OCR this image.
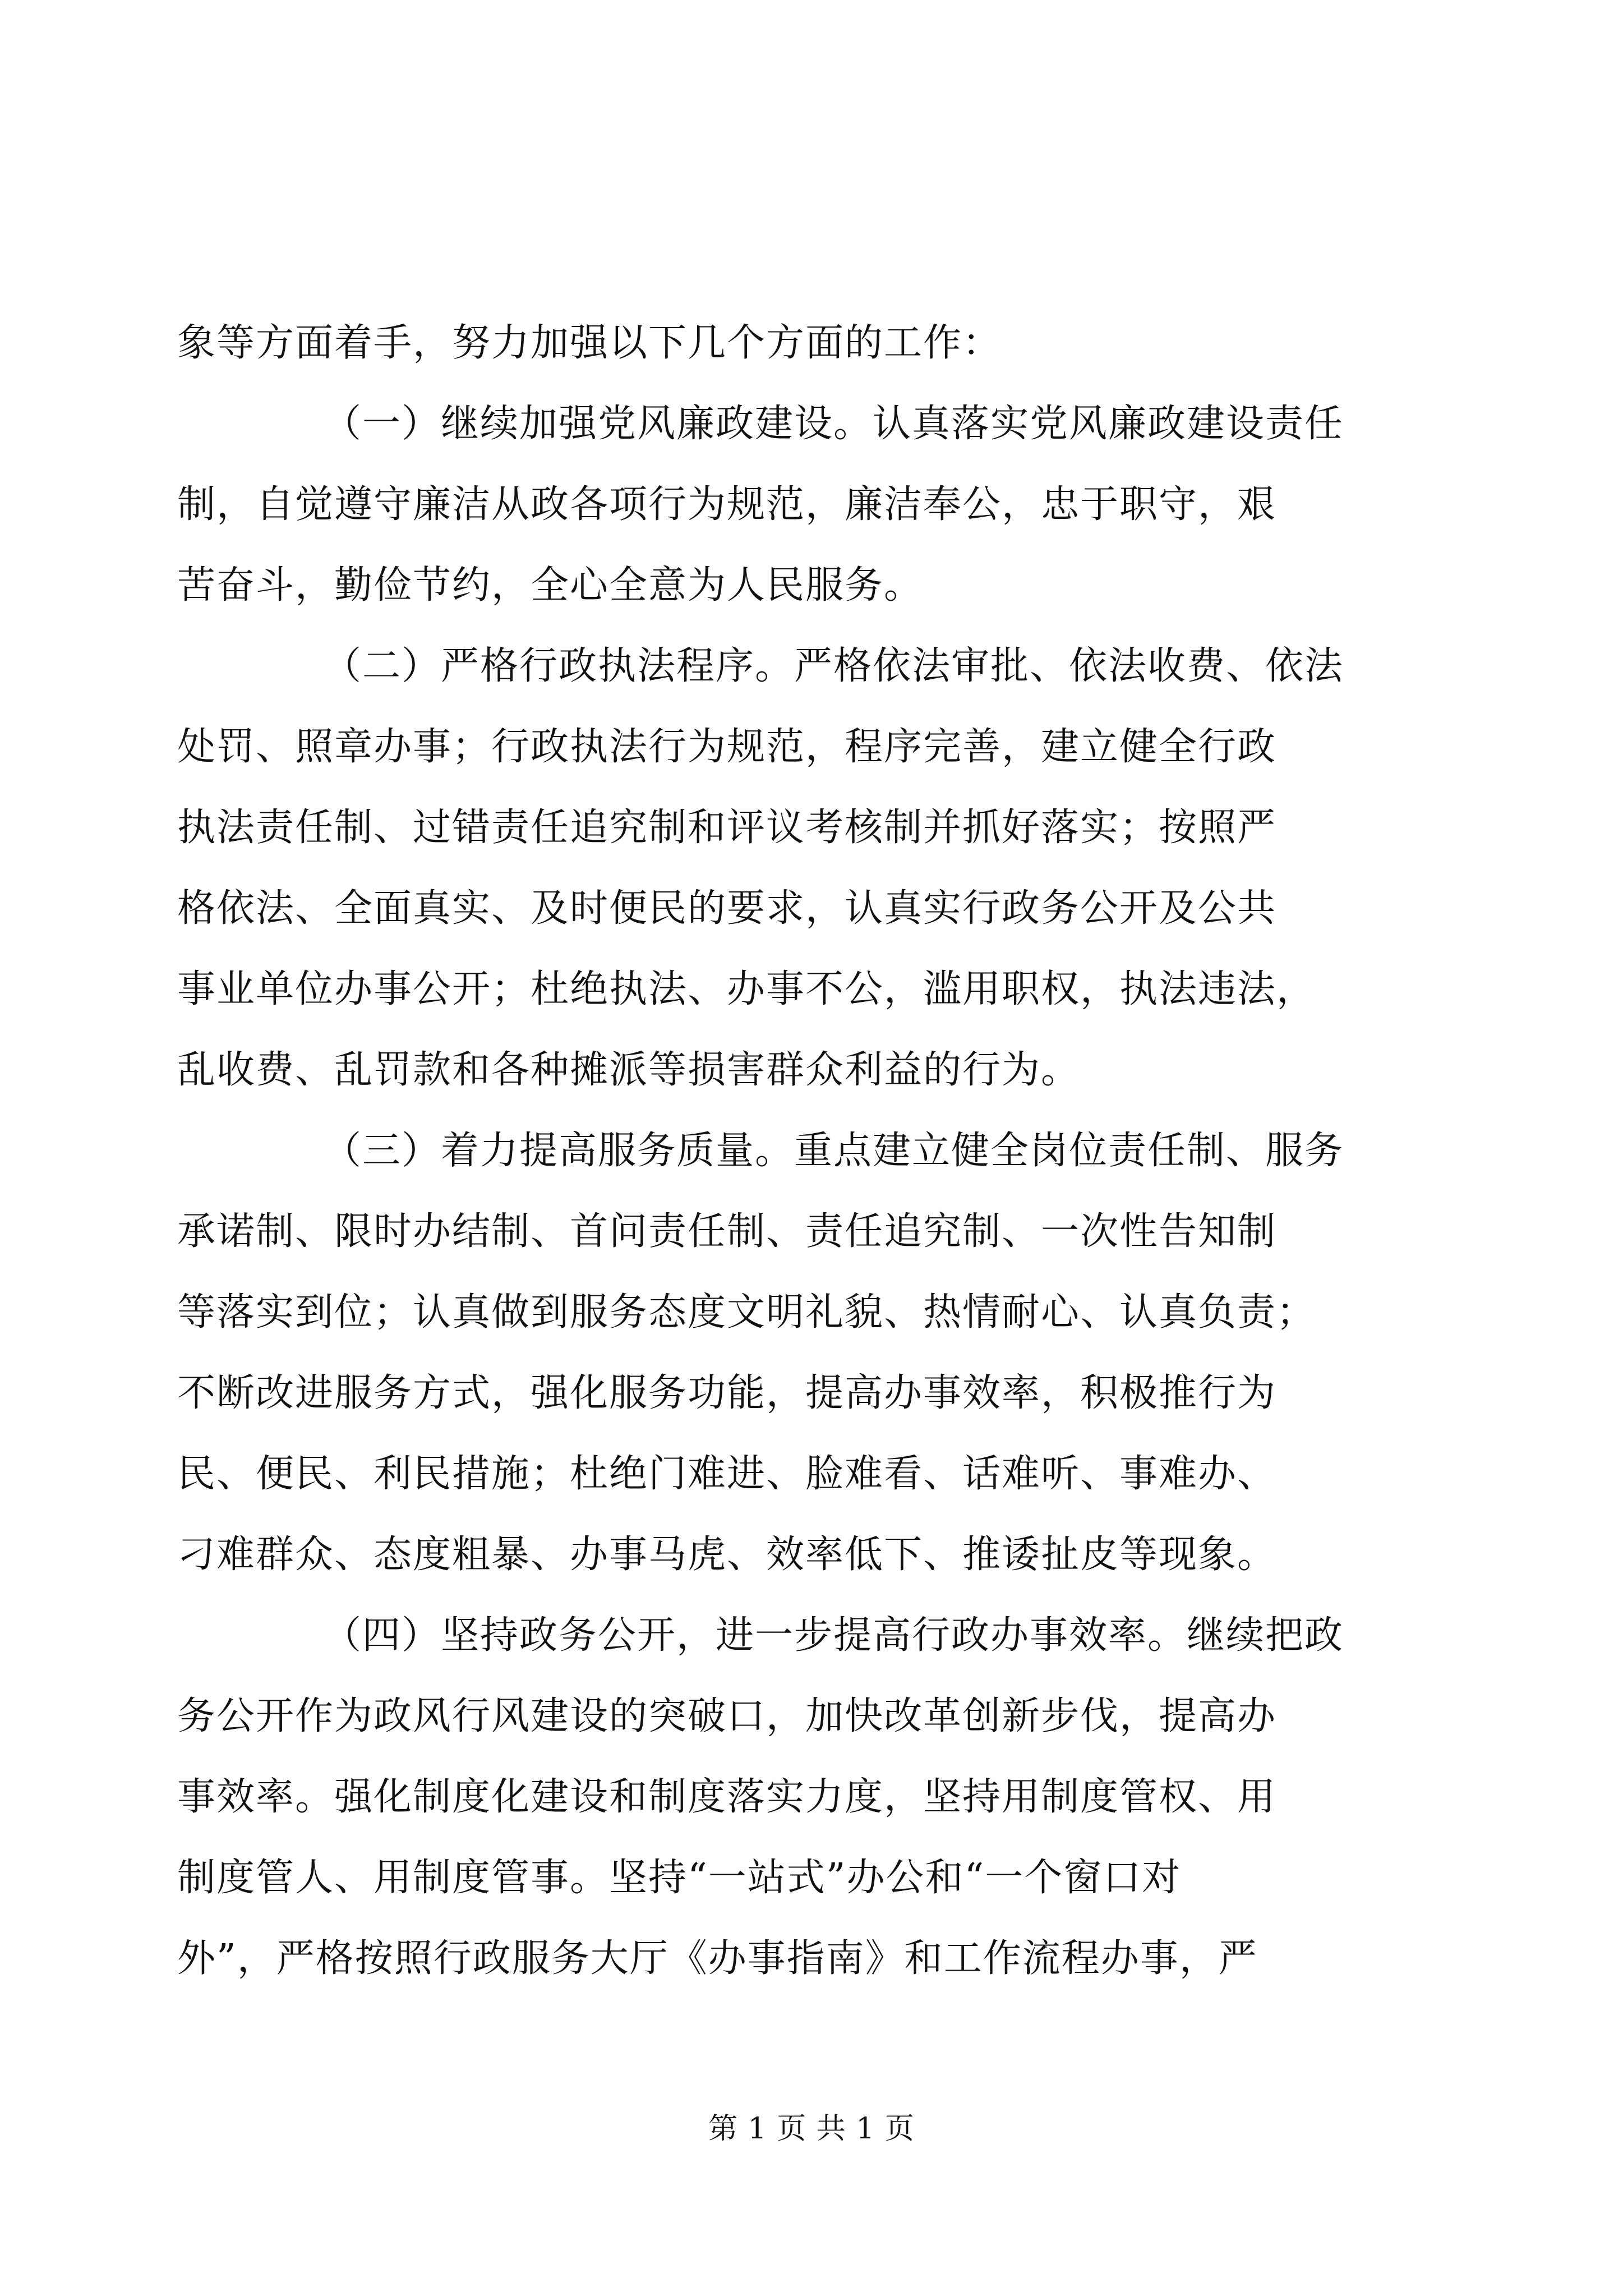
象等方面着手，努力加强以下几个方面的工作：
（一）继续加强党风廉政建设。认真落实党风廉政建设责任
制，自觉遵守廉洁从政各项行为规范，廉洁奉公，忠于职守，艰
苦奋斗，勤俭节约，全心全意为人民服务。
（二）严格行政执法程序。严格依法审批、依法收费、依法
处罚、照章办事；行政执法行为规范，程序完善，建立健全行政
执法责任制、过错责任追究制和评议考核制并抓好落实；按照严
格依法、全面真实、及时便民的要求，认真实行政务公开及公共
事业单位办事公开；杜绝执法、办事不公，滥用职权，执法违法，
乱收费、乱罚款和各种摊派等损害群众利益的行为。
（三）着力提高服务质量。重点建立健全岗位责任制、服务
承诺制、限时办结制、首问责任制、责任追究制、一次性告知制
等落实到位；认真做到服务态度文明礼貌、热情耐心、认真负责；
不断改进服务方式，强化服务功能，提高办事效率，积极推行为
民、便民、利民措施；杜绝门难进、脸难看、话难听、事难办、
刁难群众、态度粗暴、办事马虎、效率低下、推诿扯皮等现象。
（四）坚持政务公开，进一步提高行政办事效率。继续把政
务公开作为政风行风建设的突破口，加快改革创新步伐，提高办
事效率。强化制度化建设和制度落实力度，坚持用制度管权、用
制度管人、用制度管事。坚持“一站式”办公和“一个窗口对
外”，严格按照行政服务大厅《办事指南》和工作流程办事，严
第 1 页 共 1 页
